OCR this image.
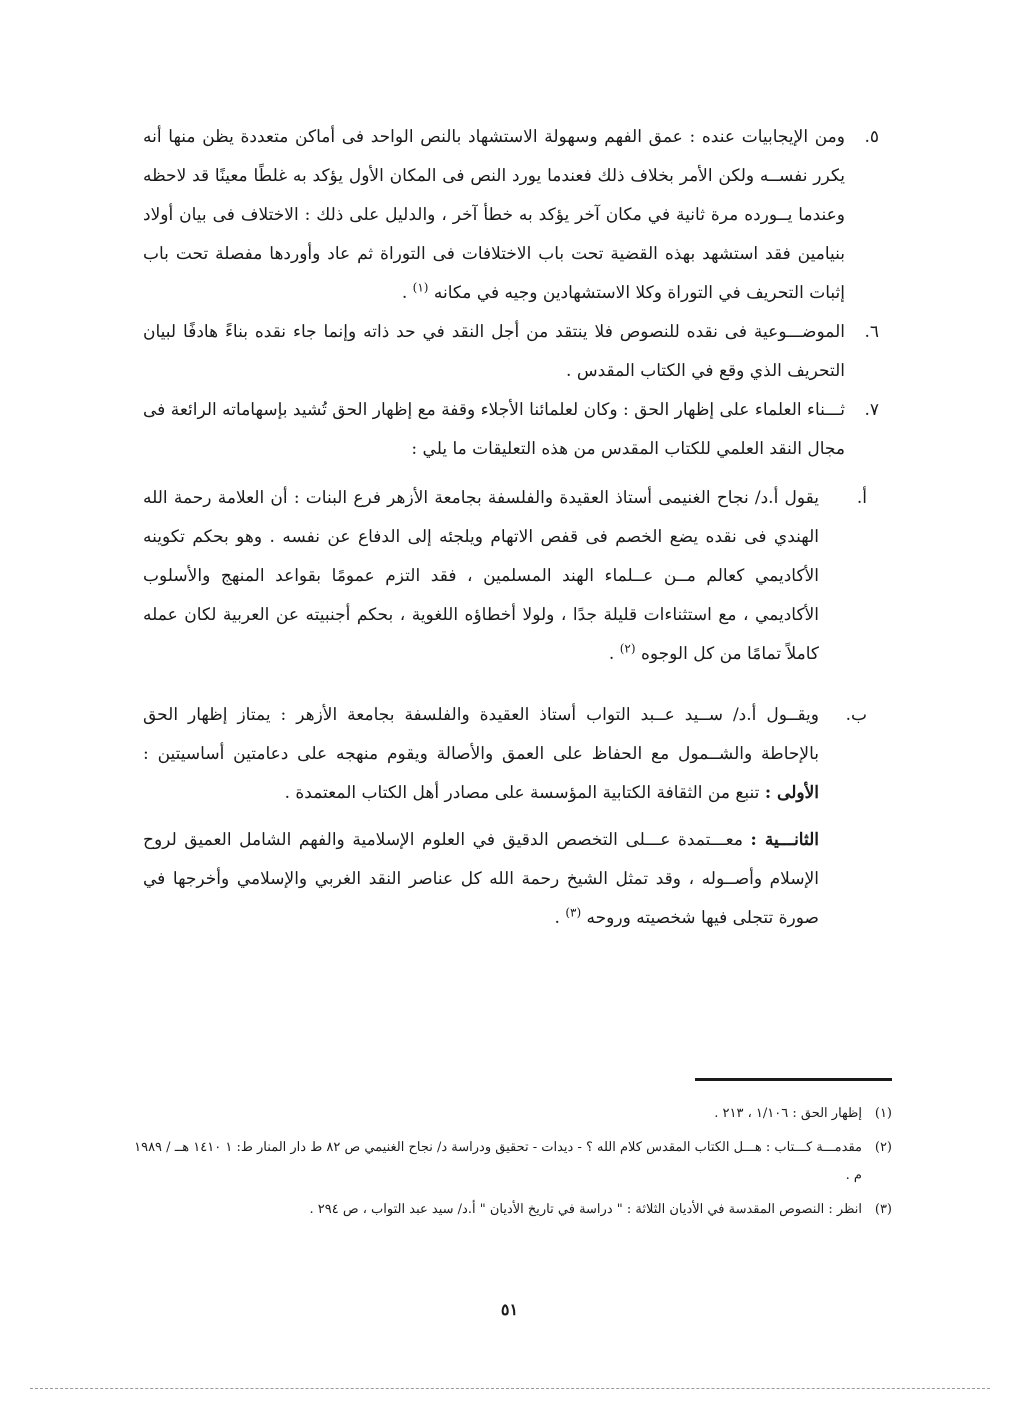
٥.
ومن الإيجابيات عنده : عمق الفهم وسهولة الاستشهاد بالنص الواحد فى أماكن متعددة يظن منها أنه يكرر نفســه ولكن الأمر بخلاف ذلك فعندما يورد النص فى المكان الأول يؤكد به غلطًا معينًا قد لاحظه وعندما يــورده مرة ثانية في مكان آخر يؤكد به خطأ آخر ، والدليل على ذلك : الاختلاف فى بيان أولاد بنيامين فقد استشهد بهذه القضية تحت باب الاختلافات فى التوراة ثم عاد وأوردها مفصلة تحت باب إثبات التحريف في التوراة وكلا الاستشهادين وجيه في مكانه $^{(١)}$ .

٦.
الموضـــوعية فى نقده للنصوص فلا ينتقد من أجل النقد في حد ذاته وإنما جاء نقده بناءً هادفًا لبيان التحريف الذي وقع في الكتاب المقدس .

٧.
ثـــناء العلماء على إظهار الحق : وكان لعلمائنا الأجلاء وقفة مع إظهار الحق تُشيد بإسهاماته الرائعة فى مجال النقد العلمي للكتاب المقدس من هذه التعليقات ما يلي :

أ.
يقول أ.د/ نجاح الغنيمى أستاذ العقيدة والفلسفة بجامعة الأزهر فرع البنات : أن العلامة رحمة الله الهندي فى نقده يضع الخصم فى قفص الاتهام ويلجئه إلى الدفاع عن نفسه . وهو بحكم تكوينه الأكاديمي كعالم مــن عــلماء الهند المسلمين ، فقد التزم عمومًا بقواعد المنهج والأسلوب الأكاديمي ، مع استثناءات قليلة جدًا ، ولولا أخطاؤه اللغوية ، بحكم أجنبيته عن العربية لكان عمله كاملاً تمامًا من كل الوجوه $^{(٢)}$ .

ب.
ويقــول أ.د/ ســيد عــبد التواب أستاذ العقيدة والفلسفة بجامعة الأزهر : يمتاز إظهار الحق بالإحاطة والشــمول مع الحفاظ على العمق والأصالة ويقوم منهجه على دعامتين أساسيتين : الأولى : تنبع من الثقافة الكتابية المؤسسة على مصادر أهل الكتاب المعتمدة .

الثانـــية : معـــتمدة عـــلى التخصص الدقيق في العلوم الإسلامية والفهم الشامل العميق لروح الإسلام وأصــوله ، وقد تمثل الشيخ رحمة الله كل عناصر النقد الغربي والإسلامي وأخرجها في صورة تتجلى فيها شخصيته وروحه $^{(٣)}$ .

(١)
إظهار الحق : ١/١٠٦ ، ٢١٣ .

(٢)
مقدمـــة كـــتاب : هـــل الكتاب المقدس كلام الله ؟ - ديدات - تحقيق ودراسة د/ نجاح الغنيمي ص ٨٢ ط دار المنار ط: ١ ١٤١٠ هــ / ١٩٨٩ م .

(٣)
انظر : النصوص المقدسة في الأديان الثلاثة : " دراسة في تاريخ الأديان " أ.د/ سيد عبد التواب ، ص ٢٩٤ .

٥١
